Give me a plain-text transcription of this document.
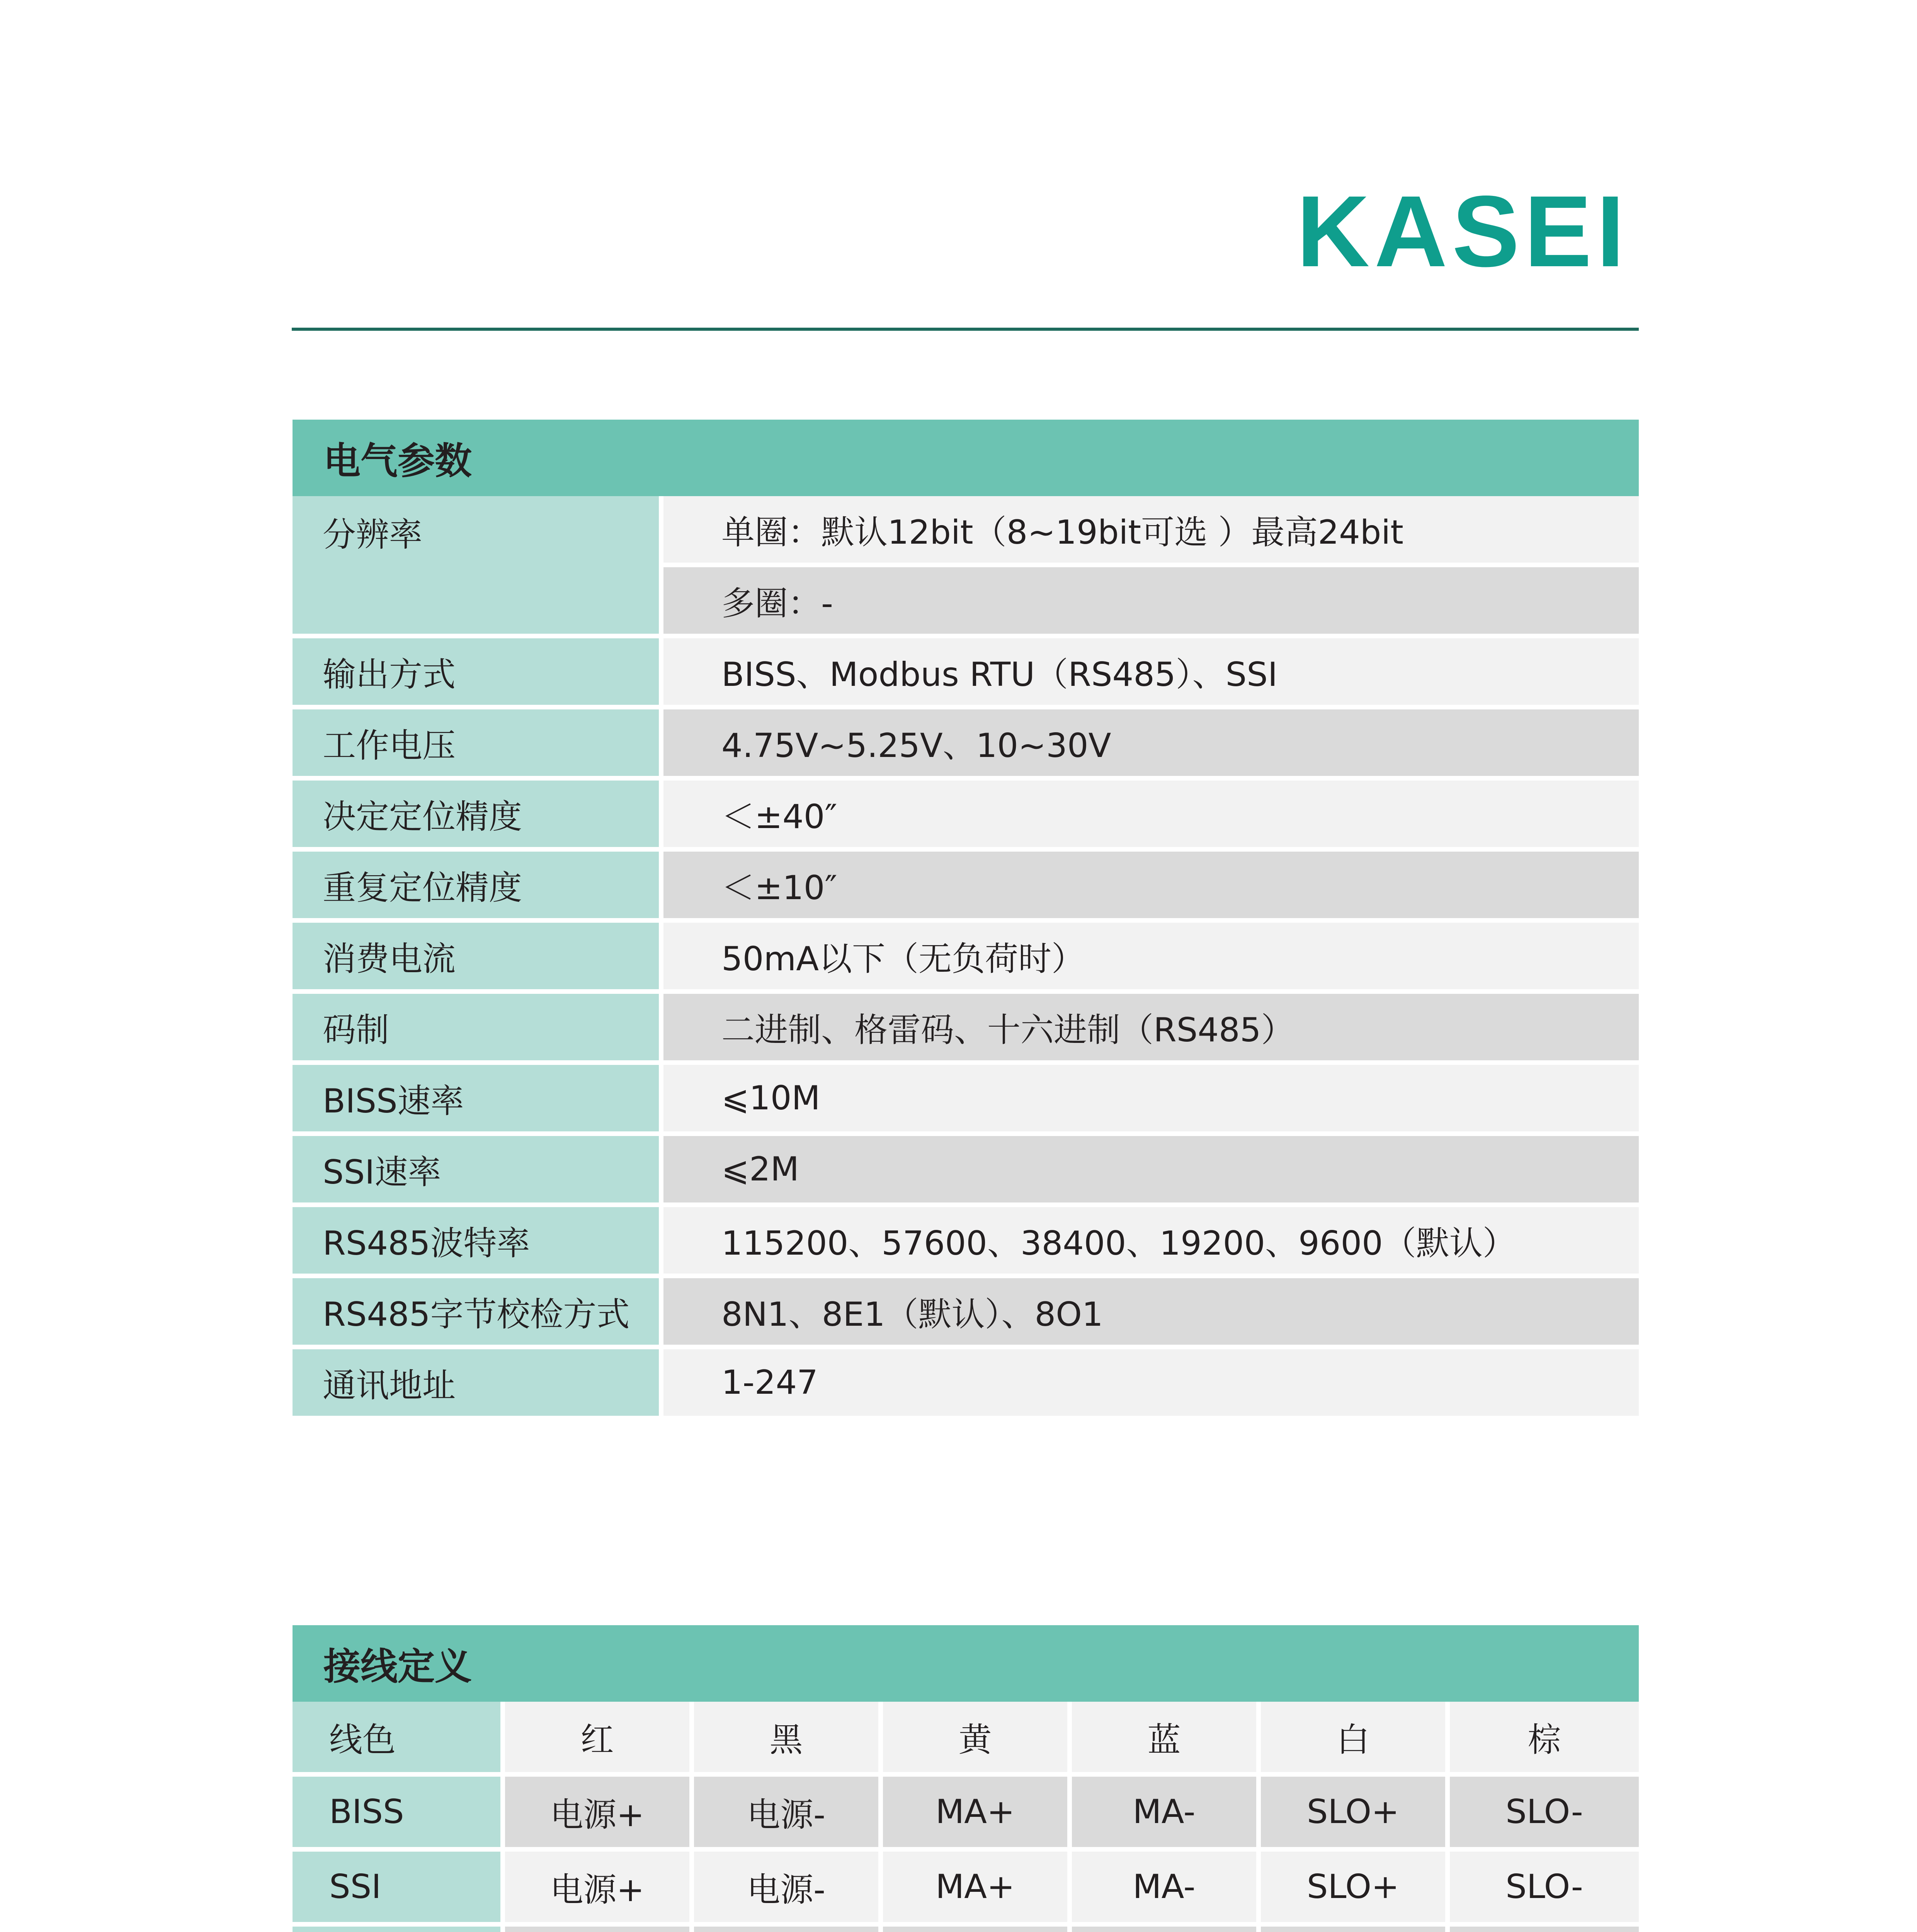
KASEI
电气参数	
分辨率	单圈：默认12bit（8~19bit可选 ）最高24bit
	多圈：-
输出方式	BISS、Modbus RTU（RS485）、SSI
工作电压	4.75V~5.25V、10~30V
决定定位精度	＜±40″
重复定位精度	＜±10″
消费电流	50mA以下（无负荷时）
码制	二进制、格雷码、十六进制（RS485）
BISS速率	⩽10M
SSI速率	⩽2M
RS485波特率	115200、57600、38400、19200、9600（默认）
RS485字节校检方式	8N1、8E1（默认）、8O1
通讯地址	1-247
接线定义						
线色	红	黑	黄	蓝	白	棕
BISS	电源+	电源-	MA+	MA-	SLO+	SLO-
SSI	电源+	电源-	MA+	MA-	SLO+	SLO-
